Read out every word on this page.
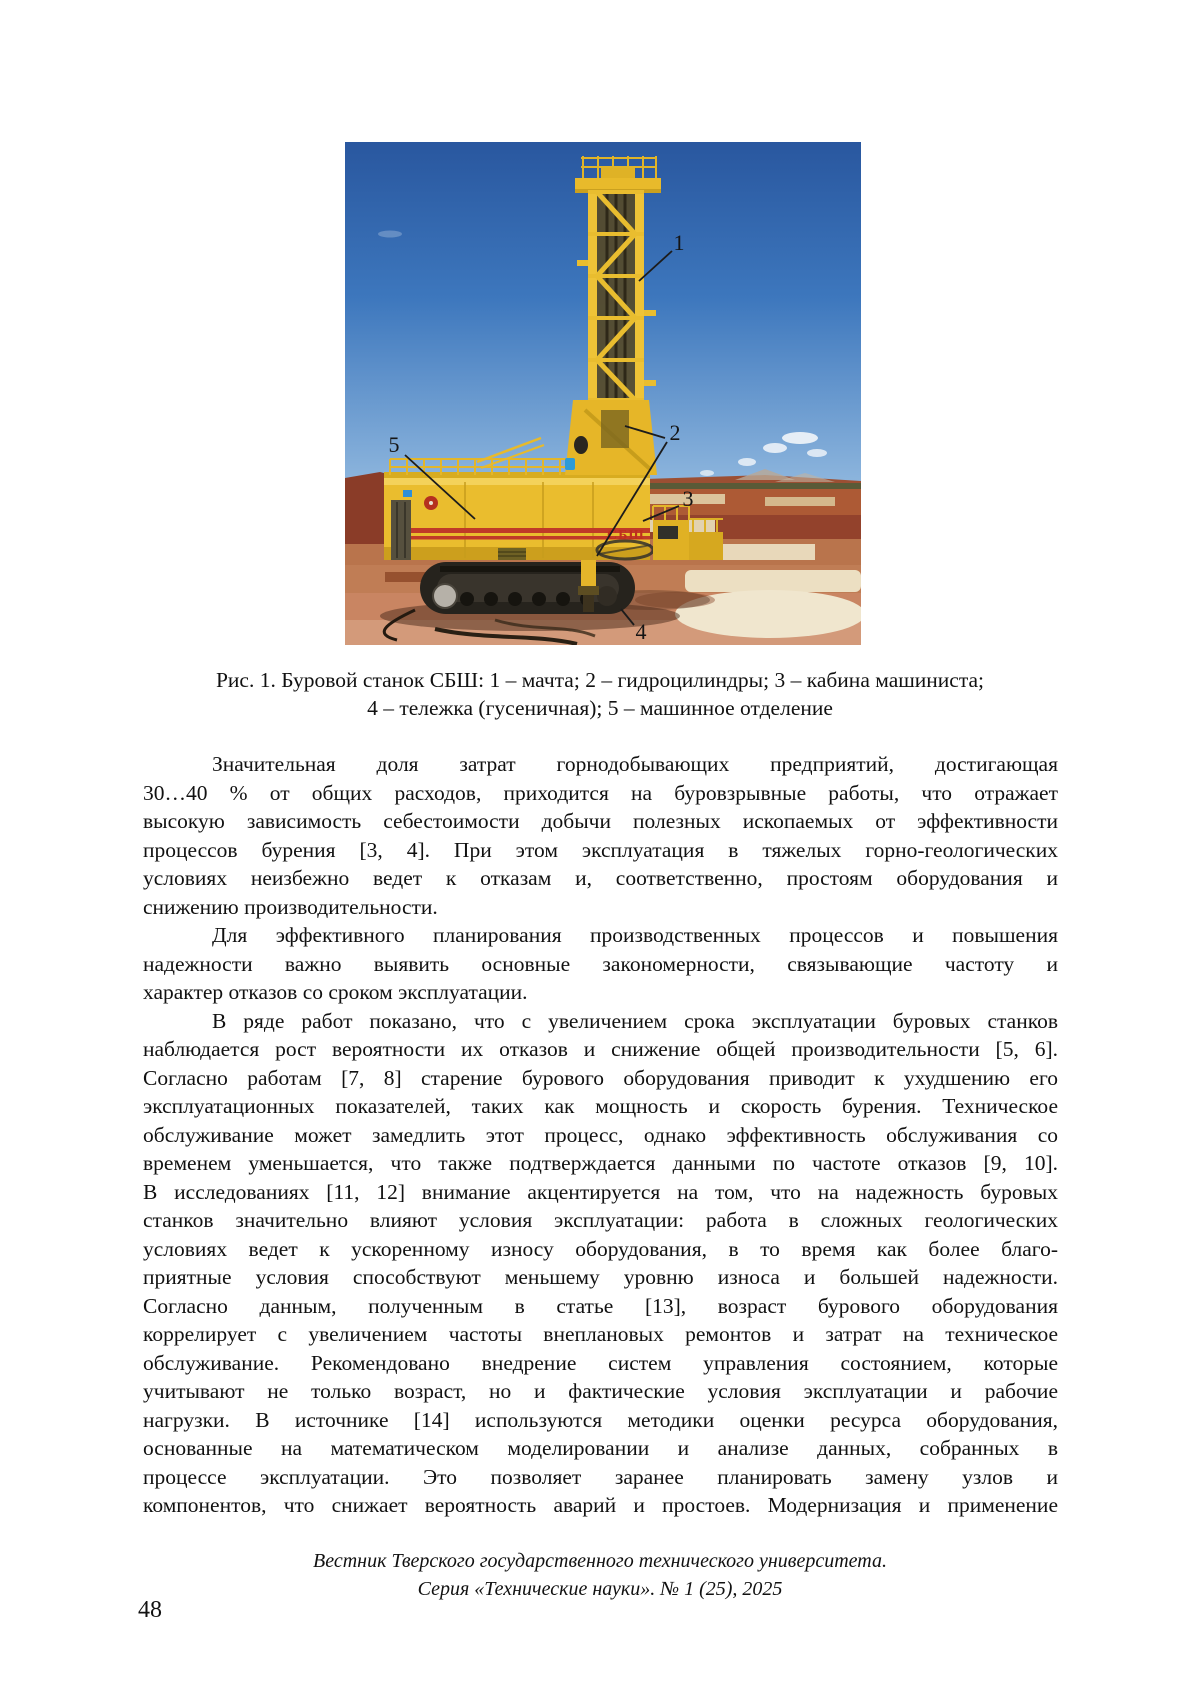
СБШ
1
2
3
4
5
Рис. 1. Буровой станок СБШ: 1 – мачта; 2 – гидроцилиндры; 3 – кабина машиниста;
4 – тележка (гусеничная); 5 – машинное отделение
Значительная доля затрат горнодобывающих предприятий, достигающая
30…40 % от общих расходов, приходится на буровзрывные работы, что отражает
высокую зависимость себестоимости добычи полезных ископаемых от эффективности
процессов бурения [3, 4]. При этом эксплуатация в тяжелых горно-геологических
условиях неизбежно ведет к отказам и, соответственно, простоям оборудования и
снижению производительности.
Для эффективного планирования производственных процессов и повышения
надежности важно выявить основные закономерности, связывающие частоту и
характер отказов со сроком эксплуатации.
В ряде работ показано, что с увеличением срока эксплуатации буровых станков
наблюдается рост вероятности их отказов и снижение общей производительности [5, 6].
Согласно работам [7, 8] старение бурового оборудования приводит к ухудшению его
эксплуатационных показателей, таких как мощность и скорость бурения. Техническое
обслуживание может замедлить этот процесс, однако эффективность обслуживания со
временем уменьшается, что также подтверждается данными по частоте отказов [9, 10].
В исследованиях [11, 12] внимание акцентируется на том, что на надежность буровых
станков значительно влияют условия эксплуатации: работа в сложных геологических
условиях ведет к ускоренному износу оборудования, в то время как более благо-
приятные условия способствуют меньшему уровню износа и большей надежности.
Согласно данным, полученным в статье [13], возраст бурового оборудования
коррелирует с увеличением частоты внеплановых ремонтов и затрат на техническое
обслуживание. Рекомендовано внедрение систем управления состоянием, которые
учитывают не только возраст, но и фактические условия эксплуатации и рабочие
нагрузки. В источнике [14] используются методики оценки ресурса оборудования,
основанные на математическом моделировании и анализе данных, собранных в
процессе эксплуатации. Это позволяет заранее планировать замену узлов и
компонентов, что снижает вероятность аварий и простоев. Модернизация и применение
Вестник Тверского государственного технического университета.
Серия «Технические науки». № 1 (25), 2025
48
